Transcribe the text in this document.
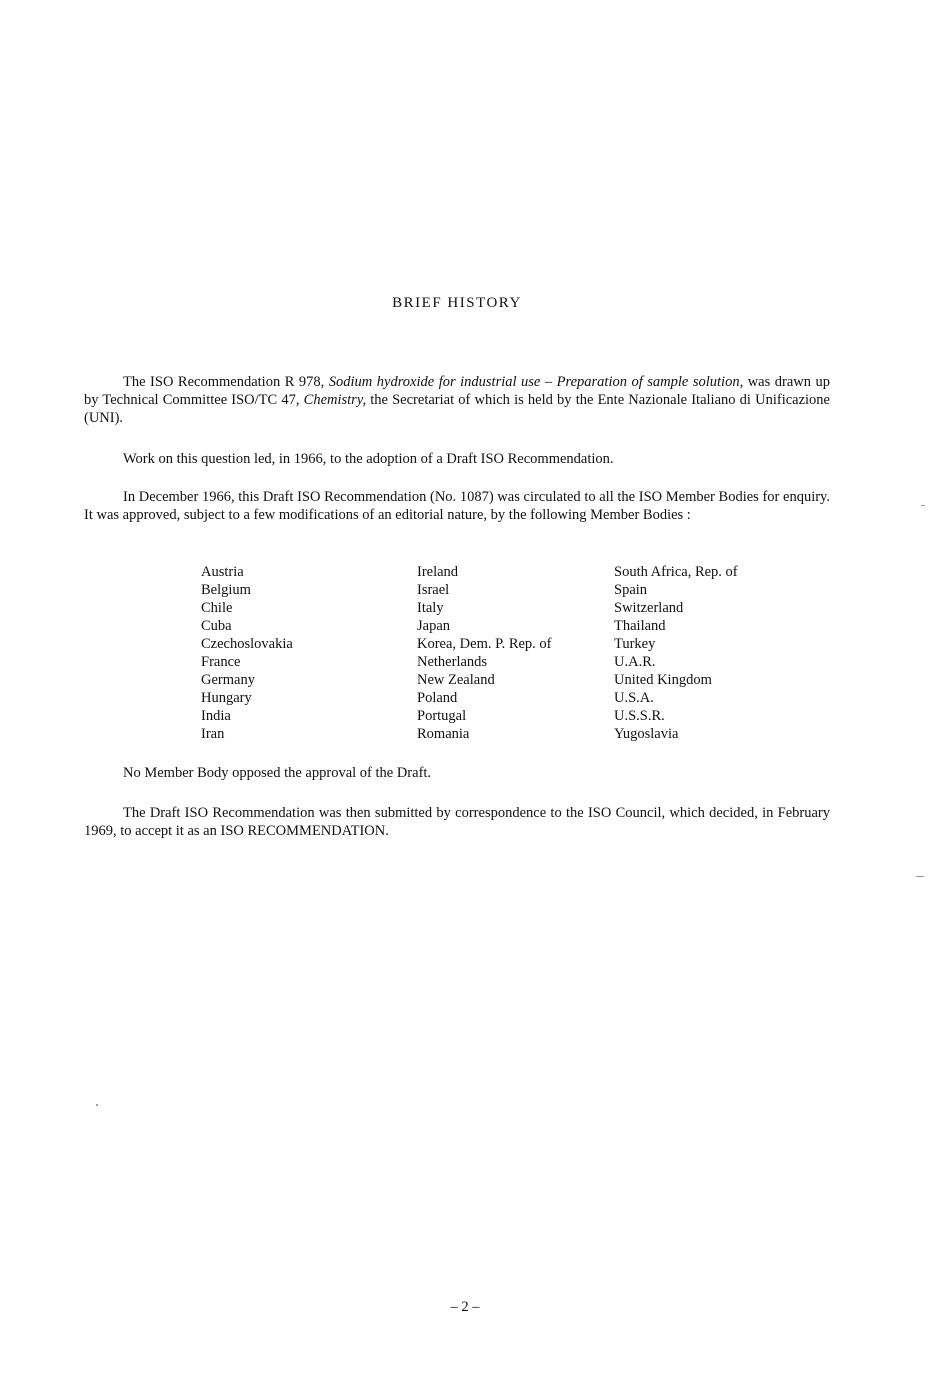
BRIEF HISTORY

The ISO Recommendation R 978, Sodium hydroxide for industrial use – Preparation of sample solution, was drawn up by Technical Committee ISO/TC 47, Chemistry, the Secretariat of which is held by the Ente Nazionale Italiano di Unificazione (UNI).

Work on this question led, in 1966, to the adoption of a Draft ISO Recommendation.

In December 1966, this Draft ISO Recommendation (No. 1087) was circulated to all the ISO Member Bodies for enquiry. It was approved, subject to a few modifications of an editorial nature, by the following Member Bodies :

Austria
Belgium
Chile
Cuba
Czechoslovakia
France
Germany
Hungary
India
Iran
Ireland
Israel
Italy
Japan
Korea, Dem. P. Rep. of
Netherlands
New Zealand
Poland
Portugal
Romania
South Africa, Rep. of
Spain
Switzerland
Thailand
Turkey
U.A.R.
United Kingdom
U.S.A.
U.S.S.R.
Yugoslavia

No Member Body opposed the approval of the Draft.

The Draft ISO Recommendation was then submitted by correspondence to the ISO Council, which decided, in February 1969, to accept it as an ISO RECOMMENDATION.

– 2 –
